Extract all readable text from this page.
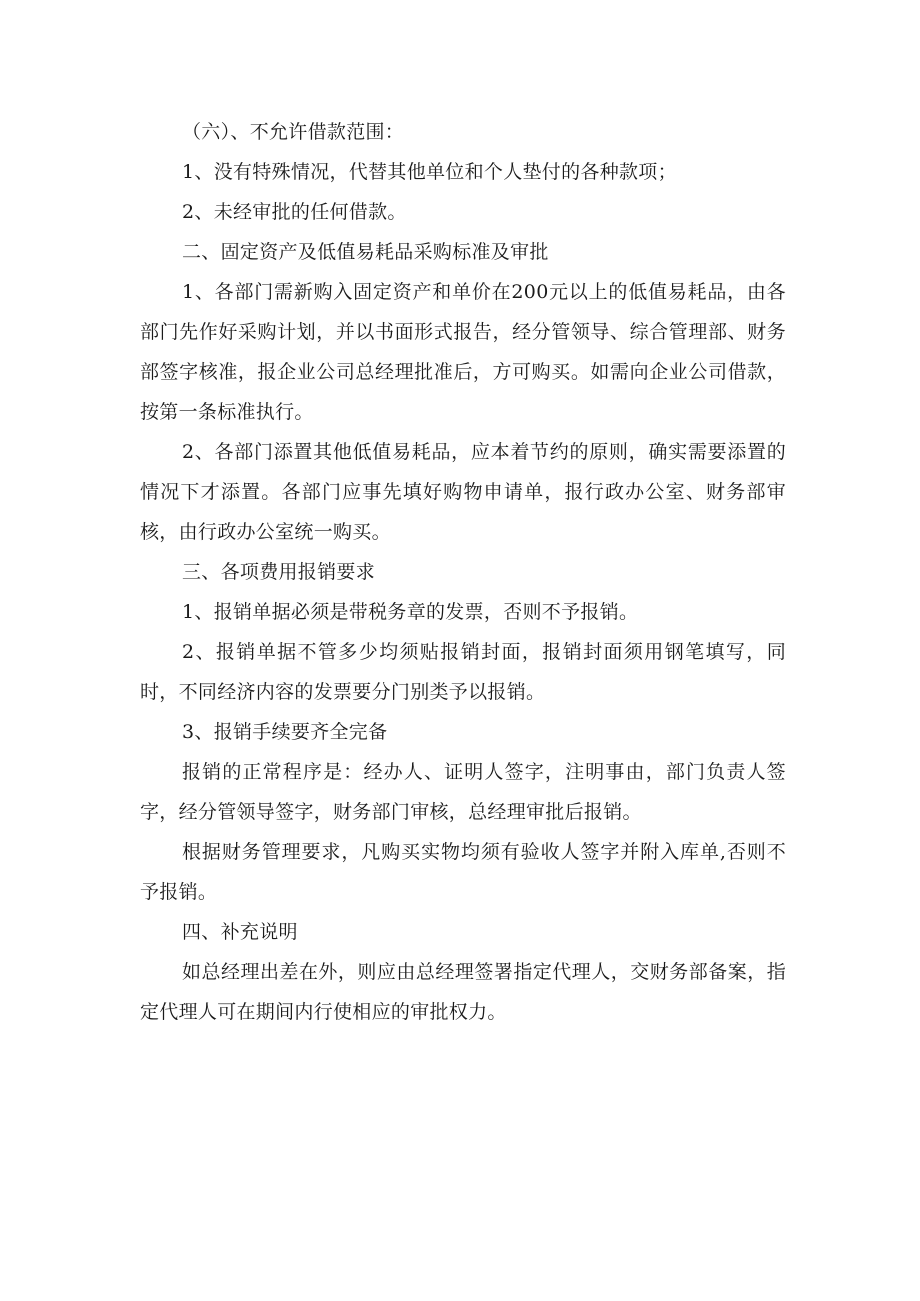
（六）、不允许借款范围：

1、没有特殊情况，代替其他单位和个人垫付的各种款项；

2、未经审批的任何借款。

二、固定资产及低值易耗品采购标准及审批

1、各部门需新购入固定资产和单价在200元以上的低值易耗品，由各部门先作好采购计划，并以书面形式报告，经分管领导、综合管理部、财务部签字核准，报企业公司总经理批准后，方可购买。如需向企业公司借款，按第一条标准执行。

2、各部门添置其他低值易耗品，应本着节约的原则，确实需要添置的情况下才添置。各部门应事先填好购物申请单，报行政办公室、财务部审核，由行政办公室统一购买。

三、各项费用报销要求

1、报销单据必须是带税务章的发票，否则不予报销。

2、报销单据不管多少均须贴报销封面，报销封面须用钢笔填写，同时，不同经济内容的发票要分门别类予以报销。

3、报销手续要齐全完备

报销的正常程序是：经办人、证明人签字，注明事由，部门负责人签字，经分管领导签字，财务部门审核，总经理审批后报销。

根据财务管理要求，凡购买实物均须有验收人签字并附入库单,否则不予报销。

四、补充说明

如总经理出差在外，则应由总经理签署指定代理人，交财务部备案，指定代理人可在期间内行使相应的审批权力。
